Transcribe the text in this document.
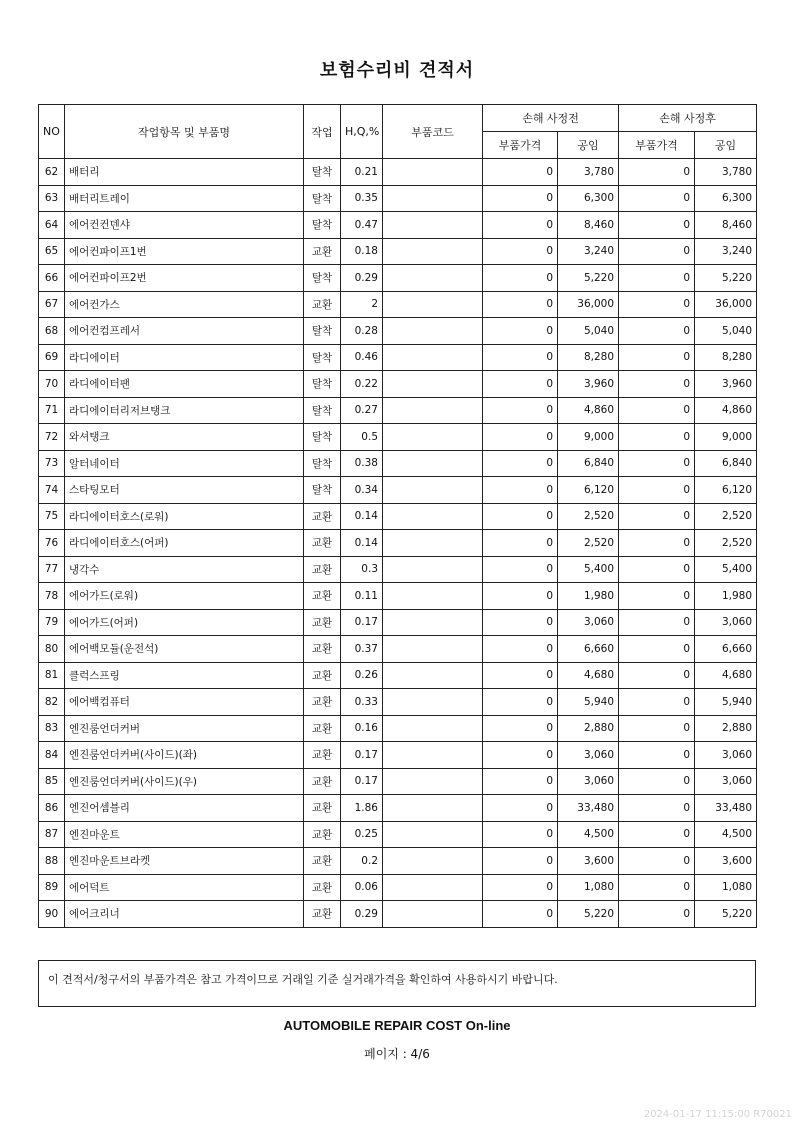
보험수리비 견적서
NO	작업항목 및 부품명	작업	H,Q,%	부품코드	손해 사정전		손해 사정후	
					부품가격	공임	부품가격	공임
62	배터리	탈착	0.21		0	3,780	0	3,780
63	배터리트레이	탈착	0.35		0	6,300	0	6,300
64	에어컨컨덴샤	탈착	0.47		0	8,460	0	8,460
65	에어컨파이프1번	교환	0.18		0	3,240	0	3,240
66	에어컨파이프2번	탈착	0.29		0	5,220	0	5,220
67	에어컨가스	교환	2		0	36,000	0	36,000
68	에어컨컴프레서	탈착	0.28		0	5,040	0	5,040
69	라디에이터	탈착	0.46		0	8,280	0	8,280
70	라디에이터팬	탈착	0.22		0	3,960	0	3,960
71	라디에이터리저브탱크	탈착	0.27		0	4,860	0	4,860
72	와셔탱크	탈착	0.5		0	9,000	0	9,000
73	알터네이터	탈착	0.38		0	6,840	0	6,840
74	스타팅모터	탈착	0.34		0	6,120	0	6,120
75	라디에이터호스(로워)	교환	0.14		0	2,520	0	2,520
76	라디에이터호스(어퍼)	교환	0.14		0	2,520	0	2,520
77	냉각수	교환	0.3		0	5,400	0	5,400
78	에어가드(로워)	교환	0.11		0	1,980	0	1,980
79	에어가드(어퍼)	교환	0.17		0	3,060	0	3,060
80	에어백모듈(운전석)	교환	0.37		0	6,660	0	6,660
81	클럭스프링	교환	0.26		0	4,680	0	4,680
82	에어백컴퓨터	교환	0.33		0	5,940	0	5,940
83	엔진룸언더커버	교환	0.16		0	2,880	0	2,880
84	엔진룸언더커버(사이드)(좌)	교환	0.17		0	3,060	0	3,060
85	엔진룸언더커버(사이드)(우)	교환	0.17		0	3,060	0	3,060
86	엔진어셈블리	교환	1.86		0	33,480	0	33,480
87	엔진마운트	교환	0.25		0	4,500	0	4,500
88	엔진마운트브라켓	교환	0.2		0	3,600	0	3,600
89	에어덕트	교환	0.06		0	1,080	0	1,080
90	에어크리너	교환	0.29		0	5,220	0	5,220
이 견적서/청구서의 부품가격은 참고 가격이므로 거래일 기준 실거래가격을 확인하여 사용하시기 바랍니다.
AUTOMOBILE REPAIR COST On-line
페이지 : 4/6
2024-01-17 11:15:00 R70021
